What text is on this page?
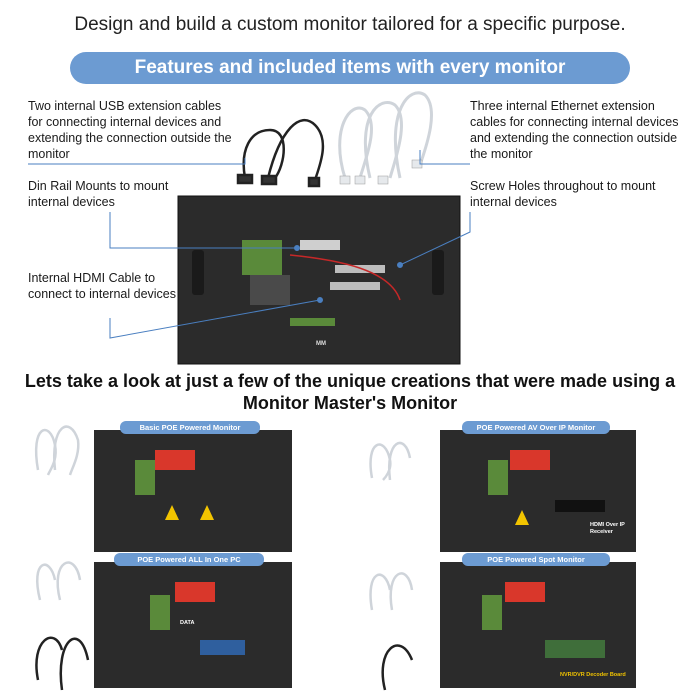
Design and build a custom monitor tailored for a specific purpose.
Features and included items with every monitor
Two internal USB extension cables for connecting internal devices and extending the connection outside the monitor
Three internal Ethernet extension cables for connecting internal devices and extending the connection outside the monitor
Din Rail Mounts to mount internal devices
Screw Holes throughout to mount internal devices
Internal HDMI Cable to connect to internal devices
MM
Lets take a look at just a few of the unique creations that were made using a Monitor Master's Monitor
Basic POE Powered Monitor	POE Powered AV Over IP Monitor
POE Powered ALL In One PC	POE Powered Spot Monitor
HDMI Over IP Receiver
DATA
NVR/DVR Decoder Board
